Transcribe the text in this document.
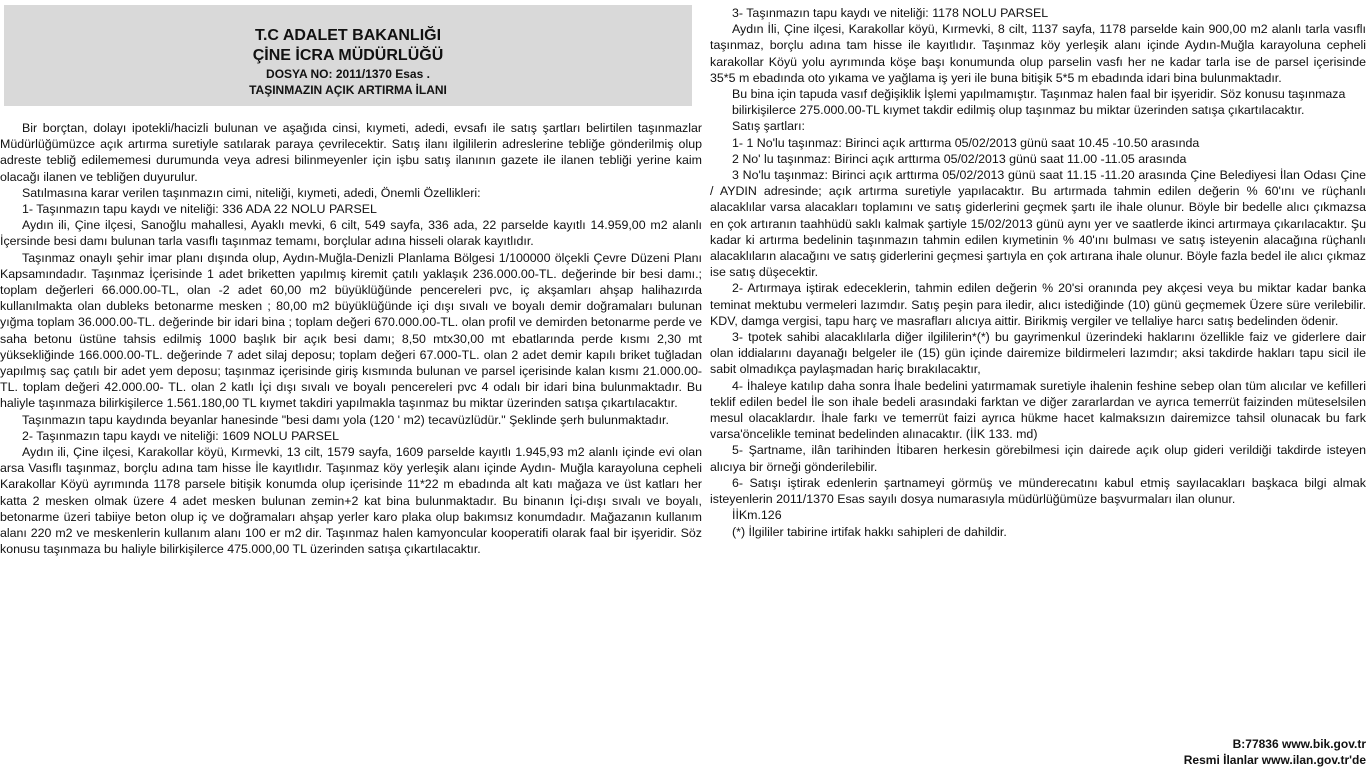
T.C ADALET BAKANLIĞI
ÇİNE İCRA MÜDÜRLÜĞÜ
DOSYA NO: 2011/1370 Esas .
TAŞINMAZIN AÇIK ARTIRMA İLANI

Bir borçtan, dolayı ipotekli/hacizli bulunan ve aşağıda cinsi, kıymeti, adedi, evsafı ile satış şartları belirtilen taşınmazlar Müdürlüğümüzce açık artırma suretiyle satılarak paraya çevrilecektir. Satış ilanı ilgililerin adreslerine tebliğe gönderilmiş olup adreste tebliğ edilememesi durumunda veya adresi bilinmeyenler için işbu satış ilanının gazete ile ilanen tebliği yerine kaim olacağı ilanen ve tebliğen duyurulur.

Satılmasına karar verilen taşınmazın cimi, niteliği, kıymeti, adedi, Önemli Özellikleri:

1- Taşınmazın tapu kaydı ve niteliği: 336 ADA 22 NOLU PARSEL

Aydın ili, Çine ilçesi, Sanoğlu mahallesi, Ayaklı mevki, 6 cilt, 549 sayfa, 336 ada, 22 parselde kayıtlı 14.959,00 m2 alanlı İçersinde besi damı bulunan tarla vasıflı taşınmaz temamı, borçlular adına hisseli olarak kayıtlıdır.

Taşınmaz onaylı şehir imar planı dışında olup, Aydın-Muğla-Denizli Planlama Bölgesi 1/100000 ölçekli Çevre Düzeni Planı Kapsamındadır. Taşınmaz İçerisinde 1 adet briketten yapılmış kiremit çatılı yaklaşık 236.000.00-TL. değerinde bir besi damı.; toplam değerleri 66.000.00-TL, olan -2 adet 60,00 m2 büyüklüğünde pencereleri pvc, iç akşamları ahşap halihazırda kullanılmakta olan dubleks betonarme mesken ; 80,00 m2 büyüklüğünde içi dışı sıvalı ve boyalı demir doğramaları bulunan yığma toplam 36.000.00-TL. değerinde bir idari bina ; toplam değeri 670.000.00-TL. olan profil ve demirden betonarme perde ve saha betonu üstüne tahsis edilmiş 1000 başlık bir açık besi damı; 8,50 mtx30,00 mt ebatlarında perde kısmı 2,30 mt yüksekliğinde 166.000.00-TL. değerinde 7 adet silaj deposu; toplam değeri 67.000-TL. olan 2 adet demir kapılı briket tuğladan yapılmış saç çatılı bir adet yem deposu; taşınmaz içerisinde giriş kısmında bulunan ve parsel içerisinde kalan kısmı 21.000.00-TL. toplam değeri 42.000.00- TL. olan 2 katlı İçi dışı sıvalı ve boyalı pencereleri pvc 4 odalı bir idari bina bulunmaktadır. Bu haliyle taşınmaza bilirkişilerce 1.561.180,00 TL kıymet takdiri yapılmakla taşınmaz bu miktar üzerinden satışa çıkartılacaktır.

Taşınmazın tapu kaydında beyanlar hanesinde "besi damı yola (120 ' m2) tecavüzlüdür." Şeklinde şerh bulunmaktadır.

2- Taşınmazın tapu kaydı ve niteliği: 1609 NOLU PARSEL

Aydın ili, Çine ilçesi, Karakollar köyü, Kırmevki, 13 cilt, 1579 sayfa, 1609 parselde kayıtlı 1.945,93 m2 alanlı içinde evi olan arsa Vasıflı taşınmaz, borçlu adına tam hisse İle kayıtlıdır. Taşınmaz köy yerleşik alanı içinde Aydın- Muğla karayoluna cepheli Karakollar Köyü ayrımında 1178 parsele bitişik konumda olup içerisinde 11*22 m ebadında alt katı mağaza ve üst katları her katta 2 mesken olmak üzere 4 adet mesken bulunan zemin+2 kat bina bulunmaktadır. Bu binanın İçi-dışı sıvalı ve boyalı, betonarme üzeri tabiiye beton olup iç ve doğramaları ahşap yerler karo plaka olup bakımsız konumdadır. Mağazanın kullanım alanı 220 m2 ve meskenlerin kullanım alanı 100 er m2 dir. Taşınmaz halen kamyoncular kooperatifi olarak faal bir işyeridir. Söz konusu taşınmaza bu haliyle bilirkişilerce 475.000,00 TL üzerinden satışa çıkartılacaktır.

3- Taşınmazın tapu kaydı ve niteliği: 1178 NOLU PARSEL

Aydın İli, Çine ilçesi, Karakollar köyü, Kırmevki, 8 cilt, 1137 sayfa, 1178 parselde kain 900,00 m2 alanlı tarla vasıflı taşınmaz, borçlu adına tam hisse ile kayıtlıdır. Taşınmaz köy yerleşik alanı içinde Aydın-Muğla karayoluna cepheli karakollar Köyü yolu ayrımında köşe başı konumunda olup parselin vasfı her ne kadar tarla ise de parsel içerisinde 35*5 m ebadında oto yıkama ve yağlama iş yeri ile buna bitişik 5*5 m ebadında idari bina bulunmaktadır.

Bu bina için tapuda vasıf değişiklik İşlemi yapılmamıştır. Taşınmaz halen faal bir işyeridir. Söz konusu taşınmaza

bilirkişilerce 275.000.00-TL kıymet takdir edilmiş olup taşınmaz bu miktar üzerinden satışa çıkartılacaktır.

Satış şartları:

1- 1 No'lu taşınmaz: Birinci açık arttırma 05/02/2013 günü saat 10.45 -10.50 arasında

2 No' lu taşınmaz: Birinci açık arttırma 05/02/2013 günü saat 11.00 -11.05 arasında

3 No'lu taşınmaz: Birinci açık arttırma 05/02/2013 günü saat 11.15 -11.20 arasında Çine Belediyesi İlan Odası Çine / AYDIN adresinde; açık artırma suretiyle yapılacaktır. Bu artırmada tahmin edilen değerin % 60'ını ve rüçhanlı alacaklılar varsa alacakları toplamını ve satış giderlerini geçmek şartı ile ihale olunur. Böyle bir bedelle alıcı çıkmazsa en çok artıranın taahhüdü saklı kalmak şartiyle 15/02/2013 günü aynı yer ve saatlerde ikinci artırmaya çıkarılacaktır. Şu kadar ki artırma bedelinin taşınmazın tahmin edilen kıymetinin % 40'ını bulması ve satış isteyenin alacağına rüçhanlı alacaklıların alacağını ve satış giderlerini geçmesi şartıyla en çok artırana ihale olunur. Böyle fazla bedel ile alıcı çıkmaz ise satış düşecektir.

2- Artırmaya iştirak edeceklerin, tahmin edilen değerin % 20'si oranında pey akçesi veya bu miktar kadar banka teminat mektubu vermeleri lazımdır. Satış peşin para iledir, alıcı istediğinde (10) günü geçmemek Üzere süre verilebilir. KDV, damga vergisi, tapu harç ve masrafları alıcıya aittir. Birikmiş vergiler ve tellaliye harcı satış bedelinden ödenir.

3- tpotek sahibi alacaklılarla diğer ilgililerin*(*) bu gayrimenkul üzerindeki haklarını özellikle faiz ve giderlere dair olan iddialarını dayanağı belgeler ile (15) gün içinde dairemize bildirmeleri lazımdır; aksi takdirde hakları tapu sicil ile sabit olmadıkça paylaşmadan hariç bırakılacaktır,

4- İhaleye katılıp daha sonra İhale bedelini yatırmamak suretiyle ihalenin feshine sebep olan tüm alıcılar ve kefilleri teklif edilen bedel İle son ihale bedeli arasındaki farktan ve diğer zararlardan ve ayrıca temerrüt faizinden müteselsilen mesul olacaklardır. İhale farkı ve temerrüt faizi ayrıca hükme hacet kalmaksızın dairemizce tahsil olunacak bu fark varsa'öncelikle teminat bedelinden alınacaktır. (İİK 133. md)

5- Şartname, ilân tarihinden İtibaren herkesin görebilmesi için dairede açık olup gideri verildiği takdirde isteyen alıcıya bir örneği gönderilebilir.

6- Satışı iştirak edenlerin şartnameyi görmüş ve münderecatını kabul etmiş sayılacakları başkaca bilgi almak isteyenlerin 2011/1370 Esas sayılı dosya numarasıyla müdürlüğümüze başvurmaları ilan olunur.

İİKm.126

(*) İlgililer tabirine irtifak hakkı sahipleri de dahildir.

B:77836 www.bik.gov.tr
Resmi İlanlar www.ilan.gov.tr'de
